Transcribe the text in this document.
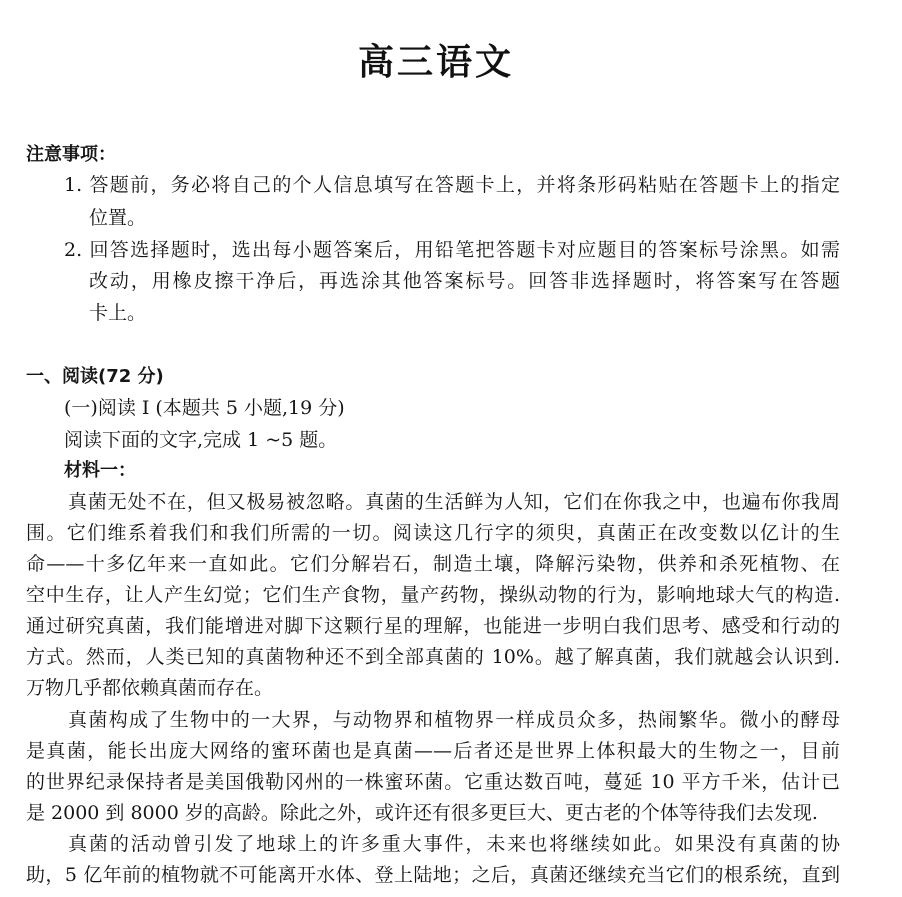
高三语文
注意事项：
1. 答题前，务必将自己的个人信息填写在答题卡上，并将条形码粘贴在答题卡上的指定
位置。
2. 回答选择题时，选出每小题答案后，用铅笔把答题卡对应题目的答案标号涂黑。如需
改动，用橡皮擦干净后，再选涂其他答案标号。回答非选择题时，将答案写在答题
卡上。
一、阅读(72 分)
(一)阅读 I (本题共 5 小题,19 分)
阅读下面的文字,完成 1 ~5 题。
材料一：
真菌无处不在，但又极易被忽略。真菌的生活鲜为人知，它们在你我之中，也遍布你我周
围。它们维系着我们和我们所需的一切。阅读这几行字的须臾，真菌正在改变数以亿计的生
命——十多亿年来一直如此。它们分解岩石，制造土壤，降解污染物，供养和杀死植物、在
空中生存，让人产生幻觉；它们生产食物，量产药物，操纵动物的行为，影响地球大气的构造.
通过研究真菌，我们能增进对脚下这颗行星的理解，也能进一步明白我们思考、感受和行动的
方式。然而，人类已知的真菌物种还不到全部真菌的 10%。越了解真菌，我们就越会认识到.
万物几乎都依赖真菌而存在。
真菌构成了生物中的一大界，与动物界和植物界一样成员众多，热闹繁华。微小的酵母
是真菌，能长出庞大网络的蜜环菌也是真菌——后者还是世界上体积最大的生物之一，目前
的世界纪录保持者是美国俄勒冈州的一株蜜环菌。它重达数百吨，蔓延 10 平方千米，估计已
是 2000 到 8000 岁的高龄。除此之外，或许还有很多更巨大、更古老的个体等待我们去发现.
真菌的活动曾引发了地球上的许多重大事件，未来也将继续如此。如果没有真菌的协
助，5 亿年前的植物就不可能离开水体、登上陆地；之后，真菌还继续充当它们的根系统，直到
